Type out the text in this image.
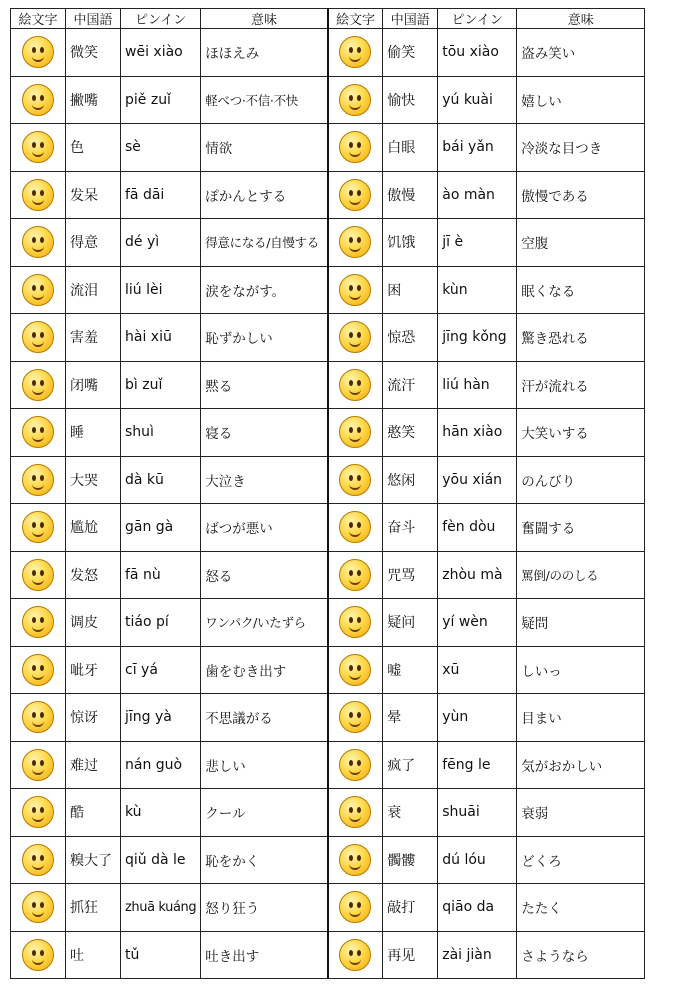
絵文字	中国語	ピンイン	意味	絵文字	中国語	ピンイン	意味

	微笑	wēi xiào	ほほえみ		偷笑	tōu xiào	盗み笑い

	撇嘴	piě zuǐ	軽べつ·不信·不快		愉快	yú kuài	嬉しい

	色	sè	情欲		白眼	bái yǎn	冷淡な目つき

	发呆	fā dāi	ぽかんとする		傲慢	ào màn	傲慢である

	得意	dé yì	得意になる/自慢する		饥饿	jī è	空腹

	流泪	liú lèi	涙をながす。		困	kùn	眠くなる

	害羞	hài xiū	恥ずかしい		惊恐	jīng kǒng	驚き恐れる

	闭嘴	bì zuǐ	黙る		流汗	liú hàn	汗が流れる

	睡	shuì	寝る		憨笑	hān xiào	大笑いする

	大哭	dà kū	大泣き		悠闲	yōu xián	のんびり

	尴尬	gān gà	ばつが悪い		奋斗	fèn dòu	奮闘する

	发怒	fā nù	怒る		咒骂	zhòu mà	罵倒/ののしる

	调皮	tiáo pí	ワンパク/いたずら		疑问	yí wèn	疑問

	呲牙	cī yá	歯をむき出す		嘘	xū	しいっ

	惊讶	jīng yà	不思議がる		晕	yùn	目まい

	难过	nán guò	悲しい		疯了	fēng le	気がおかしい

	酷	kù	クール		衰	shuāi	衰弱

	糗大了	qiǔ dà le	恥をかく		髑髏	dú lóu	どくろ

	抓狂	zhuā kuáng	怒り狂う		敲打	qiāo da	たたく

	吐	tǔ	吐き出す		再见	zài jiàn	さようなら
